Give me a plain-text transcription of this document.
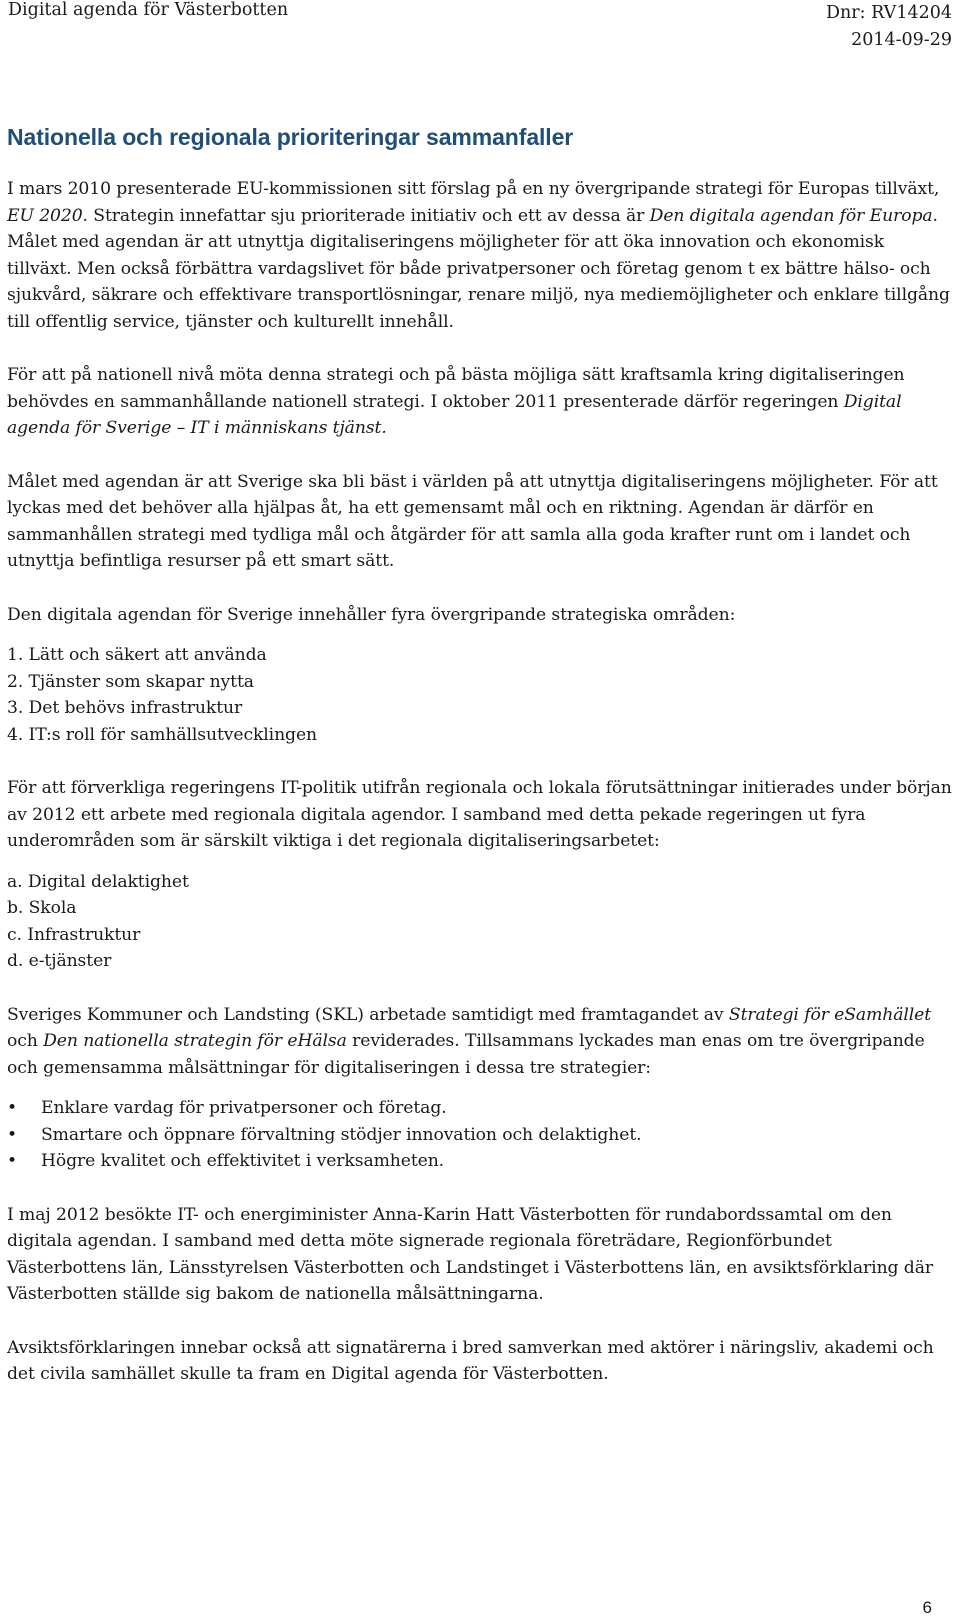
Digital agenda för Västerbotten	Dnr: RV14204
2014-09-29
Nationella och regionala prioriteringar sammanfaller

I mars 2010 presenterade EU-kommissionen sitt förslag på en ny övergripande strategi för Europas tillväxt, EU 2020. Strategin innefattar sju prioriterade initiativ och ett av dessa är Den digitala agendan för Europa. Målet med agendan är att utnyttja digitaliseringens möjligheter för att öka innovation och ekonomisk tillväxt. Men också förbättra vardagslivet för både privatpersoner och företag genom t ex bättre hälso- och sjukvård, säkrare och effektivare transportlösningar, renare miljö, nya mediemöjligheter och enklare tillgång till offentlig service, tjänster och kulturellt innehåll.

För att på nationell nivå möta denna strategi och på bästa möjliga sätt kraftsamla kring digitaliseringen behövdes en sammanhållande nationell strategi. I oktober 2011 presenterade därför regeringen Digital agenda för Sverige – IT i människans tjänst.

Målet med agendan är att Sverige ska bli bäst i världen på att utnyttja digitaliseringens möjligheter. För att lyckas med det behöver alla hjälpas åt, ha ett gemensamt mål och en riktning. Agendan är därför en sammanhållen strategi med tydliga mål och åtgärder för att samla alla goda krafter runt om i landet och utnyttja befintliga resurser på ett smart sätt.

Den digitala agendan för Sverige innehåller fyra övergripande strategiska områden:

1. Lätt och säkert att använda
2. Tjänster som skapar nytta
3. Det behövs infrastruktur
4. IT:s roll för samhällsutvecklingen

För att förverkliga regeringens IT-politik utifrån regionala och lokala förutsättningar initierades under början av 2012 ett arbete med regionala digitala agendor. I samband med detta pekade regeringen ut fyra underområden som är särskilt viktiga i det regionala digitaliseringsarbetet:

a. Digital delaktighet
b. Skola
c. Infrastruktur
d. e-tjänster

Sveriges Kommuner och Landsting (SKL) arbetade samtidigt med framtagandet av Strategi för eSamhället och Den nationella strategin för eHälsa reviderades. Tillsammans lyckades man enas om tre övergripande och gemensamma målsättningar för digitaliseringen i dessa tre strategier:

• Enklare vardag för privatpersoner och företag.
• Smartare och öppnare förvaltning stödjer innovation och delaktighet.
• Högre kvalitet och effektivitet i verksamheten.

I maj 2012 besökte IT- och energiminister Anna-Karin Hatt Västerbotten för rundabordssamtal om den digitala agendan. I samband med detta möte signerade regionala företrädare, Regionförbundet Västerbottens län, Länsstyrelsen Västerbotten och Landstinget i Västerbottens län, en avsiktsförklaring där Västerbotten ställde sig bakom de nationella målsättningarna.

Avsiktsförklaringen innebar också att signatärerna i bred samverkan med aktörer i näringsliv, akademi och det civila samhället skulle ta fram en Digital agenda för Västerbotten.

6
